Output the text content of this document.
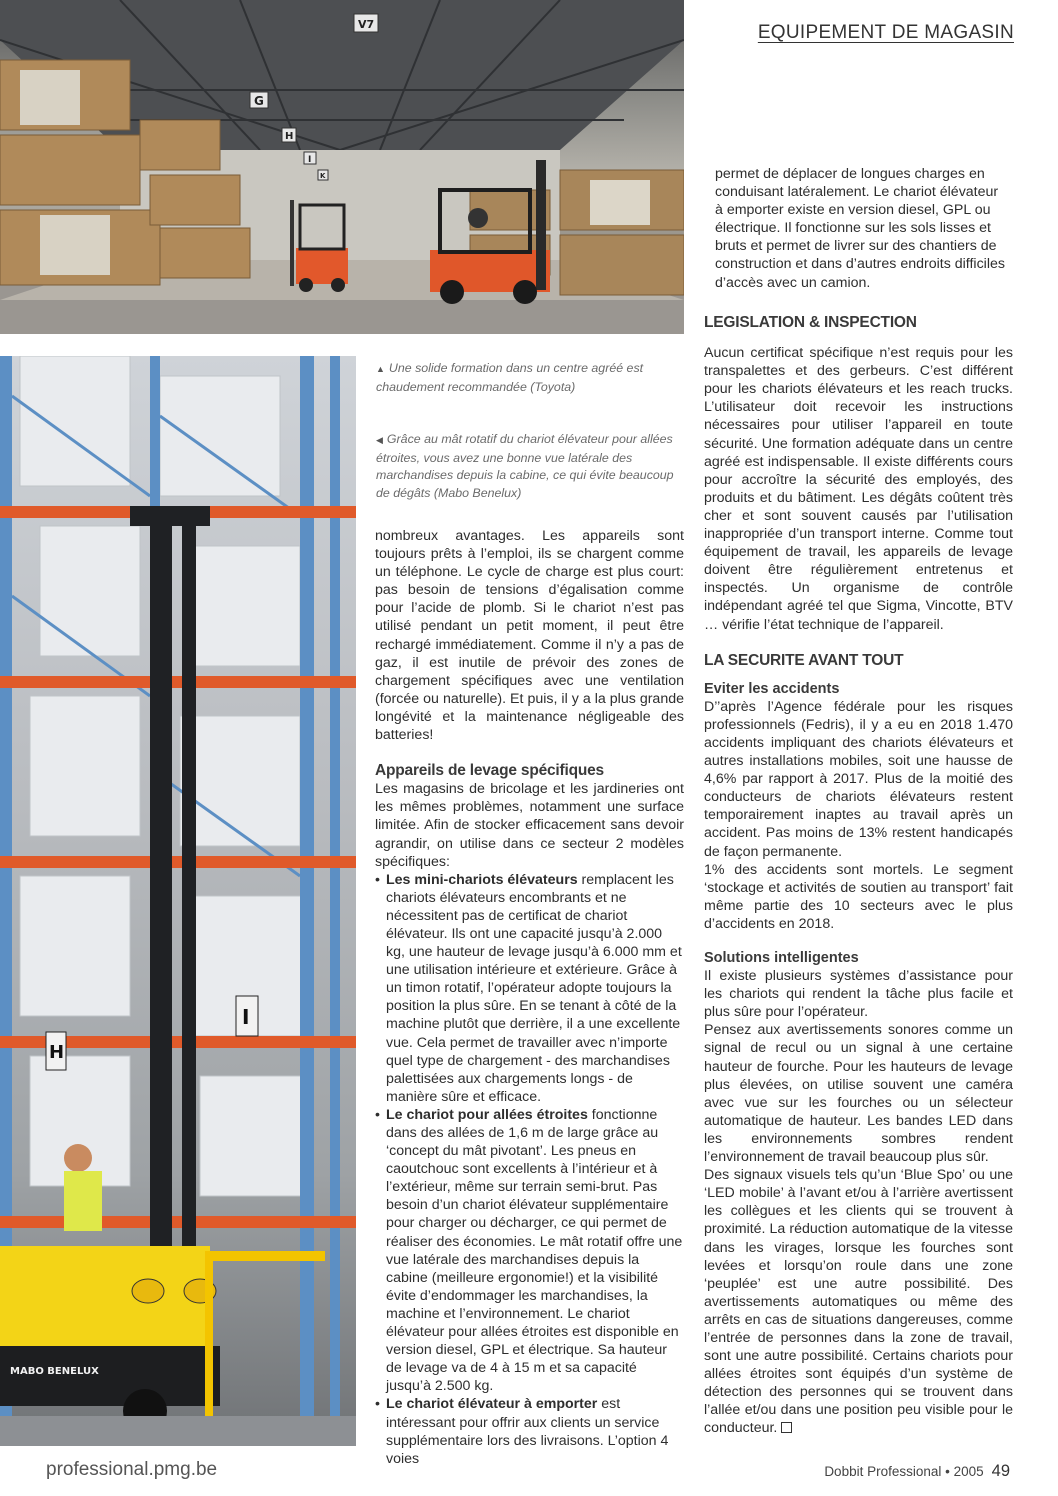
EQUIPEMENT DE MAGASIN
V7
G
H
I
K
I
H
MABO BENELUX
▲ Une solide formation dans un centre agréé est chaudement recommandée (Toyota)
◀ Grâce au mât rotatif du chariot élévateur pour allées étroites, vous avez une bonne vue latérale des marchandises depuis la cabine, ce qui évite beaucoup de dégâts (Mabo Benelux)

nombreux avantages. Les appareils sont toujours prêts à l’emploi, ils se chargent comme un téléphone. Le cycle de charge est plus court: pas besoin de tensions d’égalisation comme pour l’acide de plomb. Si le chariot n’est pas utilisé pendant un petit moment, il peut être rechargé immédiatement. Comme il n’y a pas de gaz, il est inutile de prévoir des zones de chargement spécifiques avec une ventilation (forcée ou naturelle). Et puis, il y a la plus grande longévité et la maintenance négligeable des batteries!

Appareils de levage spécifiques

Les magasins de bricolage et les jardineries ont les mêmes problèmes, notamment une surface limitée. Afin de stocker efficacement sans devoir agrandir, on utilise dans ce secteur 2 modèles spécifiques:

• Les mini-chariots élévateurs remplacent les chariots élévateurs encombrants et ne nécessitent pas de certificat de chariot élévateur. Ils ont une capacité jusqu’à 2.000 kg, une hauteur de levage jusqu’à 6.000 mm et une utilisation intérieure et extérieure. Grâce à un timon rotatif, l’opérateur adopte toujours la position la plus sûre. En se tenant à côté de la machine plutôt que derrière, il a une excellente vue. Cela permet de travailler avec n’importe quel type de chargement - des marchandises palettisées aux chargements longs - de manière sûre et efficace.
• Le chariot pour allées étroites fonctionne dans des allées de 1,6 m de large grâce au ‘concept du mât pivotant’. Les pneus en caoutchouc sont excellents à l’intérieur et à l’extérieur, même sur terrain semi-brut. Pas besoin d’un chariot élévateur supplémentaire pour charger ou décharger, ce qui permet de réaliser des économies. Le mât rotatif offre une vue latérale des marchandises depuis la cabine (meilleure ergonomie!) et la visibilité évite d’endommager les marchandises, la machine et l’environnement. Le chariot élévateur pour allées étroites est disponible en version diesel, GPL et électrique. Sa hauteur de levage va de 4 à 15 m et sa capacité jusqu’à 2.500 kg.
• Le chariot élévateur à emporter est intéressant pour offrir aux clients un service supplémentaire lors des livraisons. L’option 4 voies

permet de déplacer de longues charges en conduisant latéralement. Le chariot élévateur à emporter existe en version diesel, GPL ou électrique. Il fonctionne sur les sols lisses et bruts et permet de livrer sur des chantiers de construction et dans d’autres endroits difficiles d’accès avec un camion.

LEGISLATION & INSPECTION

Aucun certificat spécifique n’est requis pour les transpalettes et des gerbeurs. C’est différent pour les chariots élévateurs et les reach trucks. L’utilisateur doit recevoir les instructions nécessaires pour utiliser l’appareil en toute sécurité. Une formation adéquate dans un centre agréé est indispensable. Il existe différents cours pour accroître la sécurité des employés, des produits et du bâtiment. Les dégâts coûtent très cher et sont souvent causés par l’utilisation inappropriée d’un transport interne. Comme tout équipement de travail, les appareils de levage doivent être régulièrement entretenus et inspectés. Un organisme de contrôle indépendant agréé tel que Sigma, Vincotte, BTV … vérifie l’état technique de l’appareil.

LA SECURITE AVANT TOUT
Eviter les accidents

D’’après l’Agence fédérale pour les risques professionnels (Fedris), il y a eu en 2018 1.470 accidents impliquant des chariots élévateurs et autres installations mobiles, soit une hausse de 4,6% par rapport à 2017. Plus de la moitié des conducteurs de chariots élévateurs restent temporairement inaptes au travail après un accident. Pas moins de 13% restent handicapés de façon permanente.

1% des accidents sont mortels. Le segment ‘stockage et activités de soutien au transport’ fait même partie des 10 secteurs avec le plus d’accidents en 2018.

Solutions intelligentes

Il existe plusieurs systèmes d’assistance pour les chariots qui rendent la tâche plus facile et plus sûre pour l’opérateur.

Pensez aux avertissements sonores comme un signal de recul ou un signal à une certaine hauteur de fourche. Pour les hauteurs de levage plus élevées, on utilise souvent une caméra avec vue sur les fourches ou un sélecteur automatique de hauteur. Les bandes LED dans les environnements sombres rendent l’environnement de travail beaucoup plus sûr.

Des signaux visuels tels qu’un ‘Blue Spo’ ou une ‘LED mobile’ à l’avant et/ou à l’arrière avertissent les collègues et les clients qui se trouvent à proximité. La réduction automatique de la vitesse dans les virages, lorsque les fourches sont levées et lorsqu’on roule dans une zone ‘peuplée’ est une autre possibilité. Des avertissements automatiques ou même des arrêts en cas de situations dangereuses, comme l’entrée de personnes dans la zone de travail, sont une autre possibilité. Certains chariots pour allées étroites sont équipés d’un système de détection des personnes qui se trouvent dans l’allée et/ou dans une position peu visible pour le conducteur.

professional.pmg.be	Dobbit Professional • 2005 49
